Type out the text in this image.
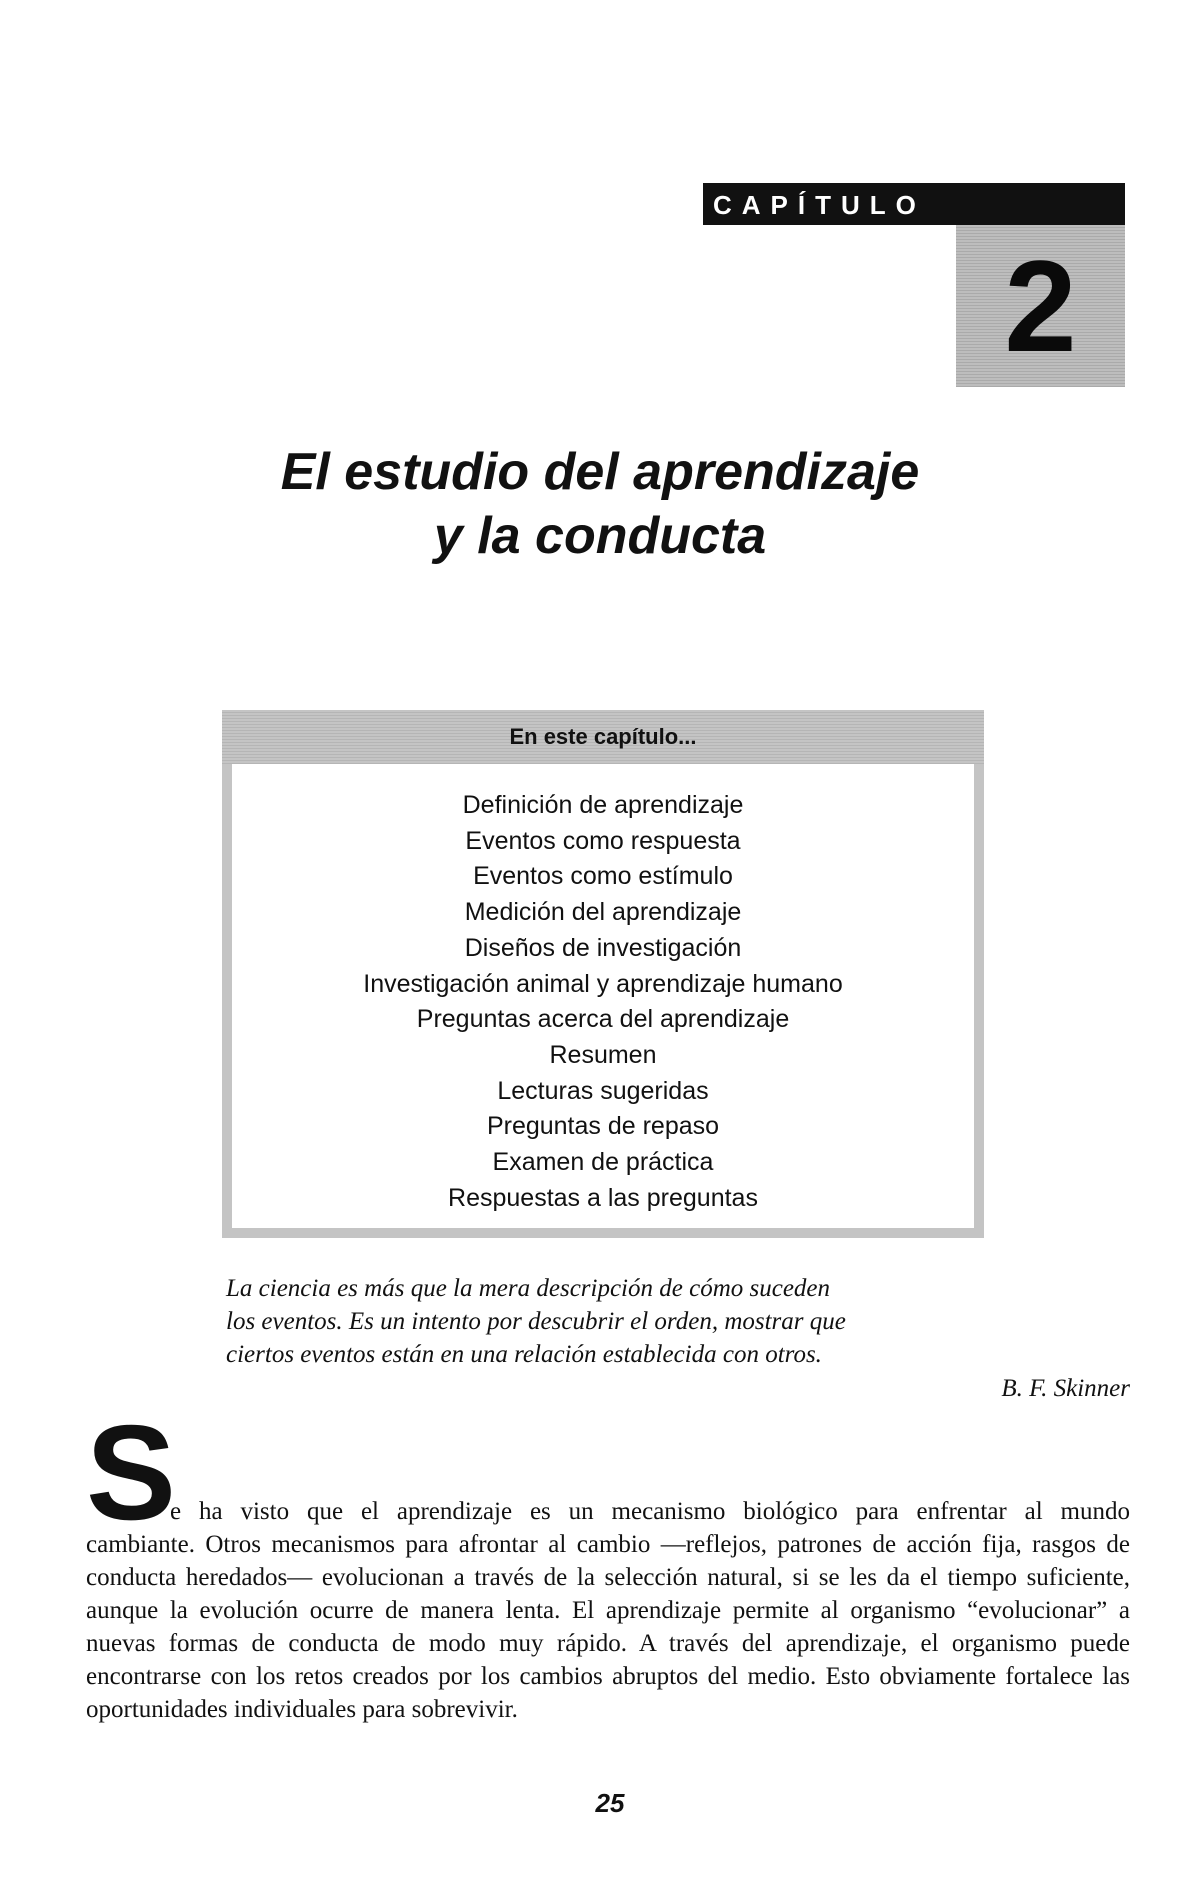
CAPÍTULO
2
El estudio del aprendizaje
y la conducta
En este capítulo...
Definición de aprendizaje
Eventos como respuesta
Eventos como estímulo
Medición del aprendizaje
Diseños de investigación
Investigación animal y aprendizaje humano
Preguntas acerca del aprendizaje
Resumen
Lecturas sugeridas
Preguntas de repaso
Examen de práctica
Respuestas a las preguntas
La ciencia es más que la mera descripción de cómo suceden
los eventos. Es un intento por descubrir el orden, mostrar que
ciertos eventos están en una relación establecida con otros.
B. F. Skinner
S
e ha visto que el aprendizaje es un mecanismo biológico para enfrentar al mundo
cambiante. Otros mecanismos para afrontar al cambio —reflejos, patrones de acción fija, rasgos de conducta heredados— evolucionan a través de la selección natural, si se les da el tiempo suficiente, aunque la evolución ocurre de manera lenta. El aprendizaje permite al organismo “evolucionar” a nuevas formas de conducta de modo muy rápido. A través del aprendizaje, el organismo puede encontrarse con los retos creados por los cambios abruptos del medio. Esto obviamente fortalece las oportunidades individuales para sobrevivir.
25
